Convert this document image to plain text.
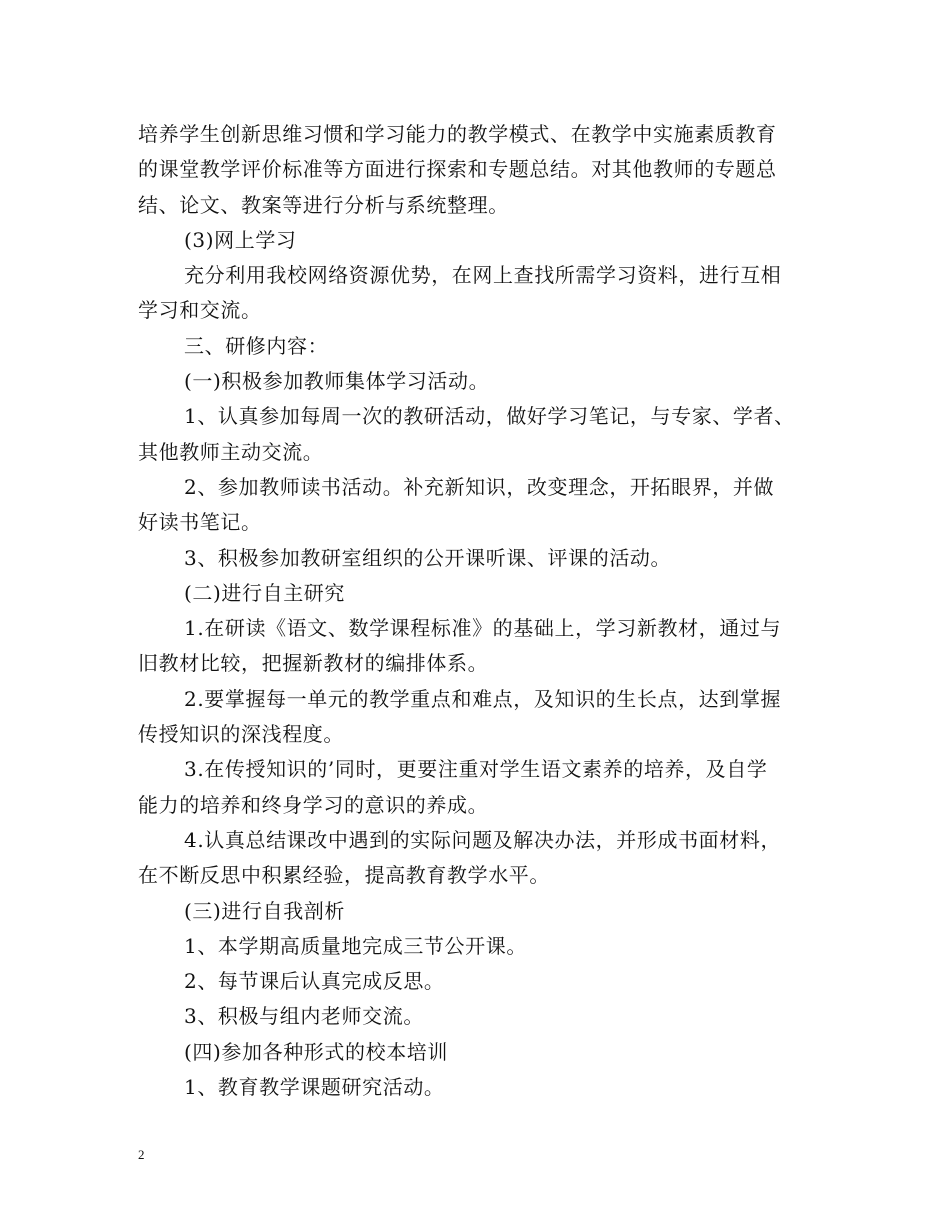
培养学生创新思维习惯和学习能力的教学模式、在教学中实施素质教育
的课堂教学评价标准等方面进行探索和专题总结。对其他教师的专题总
结、论文、教案等进行分析与系统整理。
(3)网上学习
充分利用我校网络资源优势，在网上查找所需学习资料，进行互相
学习和交流。
三、研修内容：
(一)积极参加教师集体学习活动。
1、认真参加每周一次的教研活动，做好学习笔记，与专家、学者、
其他教师主动交流。
2、参加教师读书活动。补充新知识，改变理念，开拓眼界，并做
好读书笔记。
3、积极参加教研室组织的公开课听课、评课的活动。
(二)进行自主研究
1.在研读《语文、数学课程标准》的基础上，学习新教材，通过与
旧教材比较，把握新教材的编排体系。
2.要掌握每一单元的教学重点和难点，及知识的生长点，达到掌握
传授知识的深浅程度。
3.在传授知识的’同时，更要注重对学生语文素养的培养，及自学
能力的培养和终身学习的意识的养成。
4.认真总结课改中遇到的实际问题及解决办法，并形成书面材料，
在不断反思中积累经验，提高教育教学水平。
(三)进行自我剖析
1、本学期高质量地完成三节公开课。
2、每节课后认真完成反思。
3、积极与组内老师交流。
(四)参加各种形式的校本培训
1、教育教学课题研究活动。
2
